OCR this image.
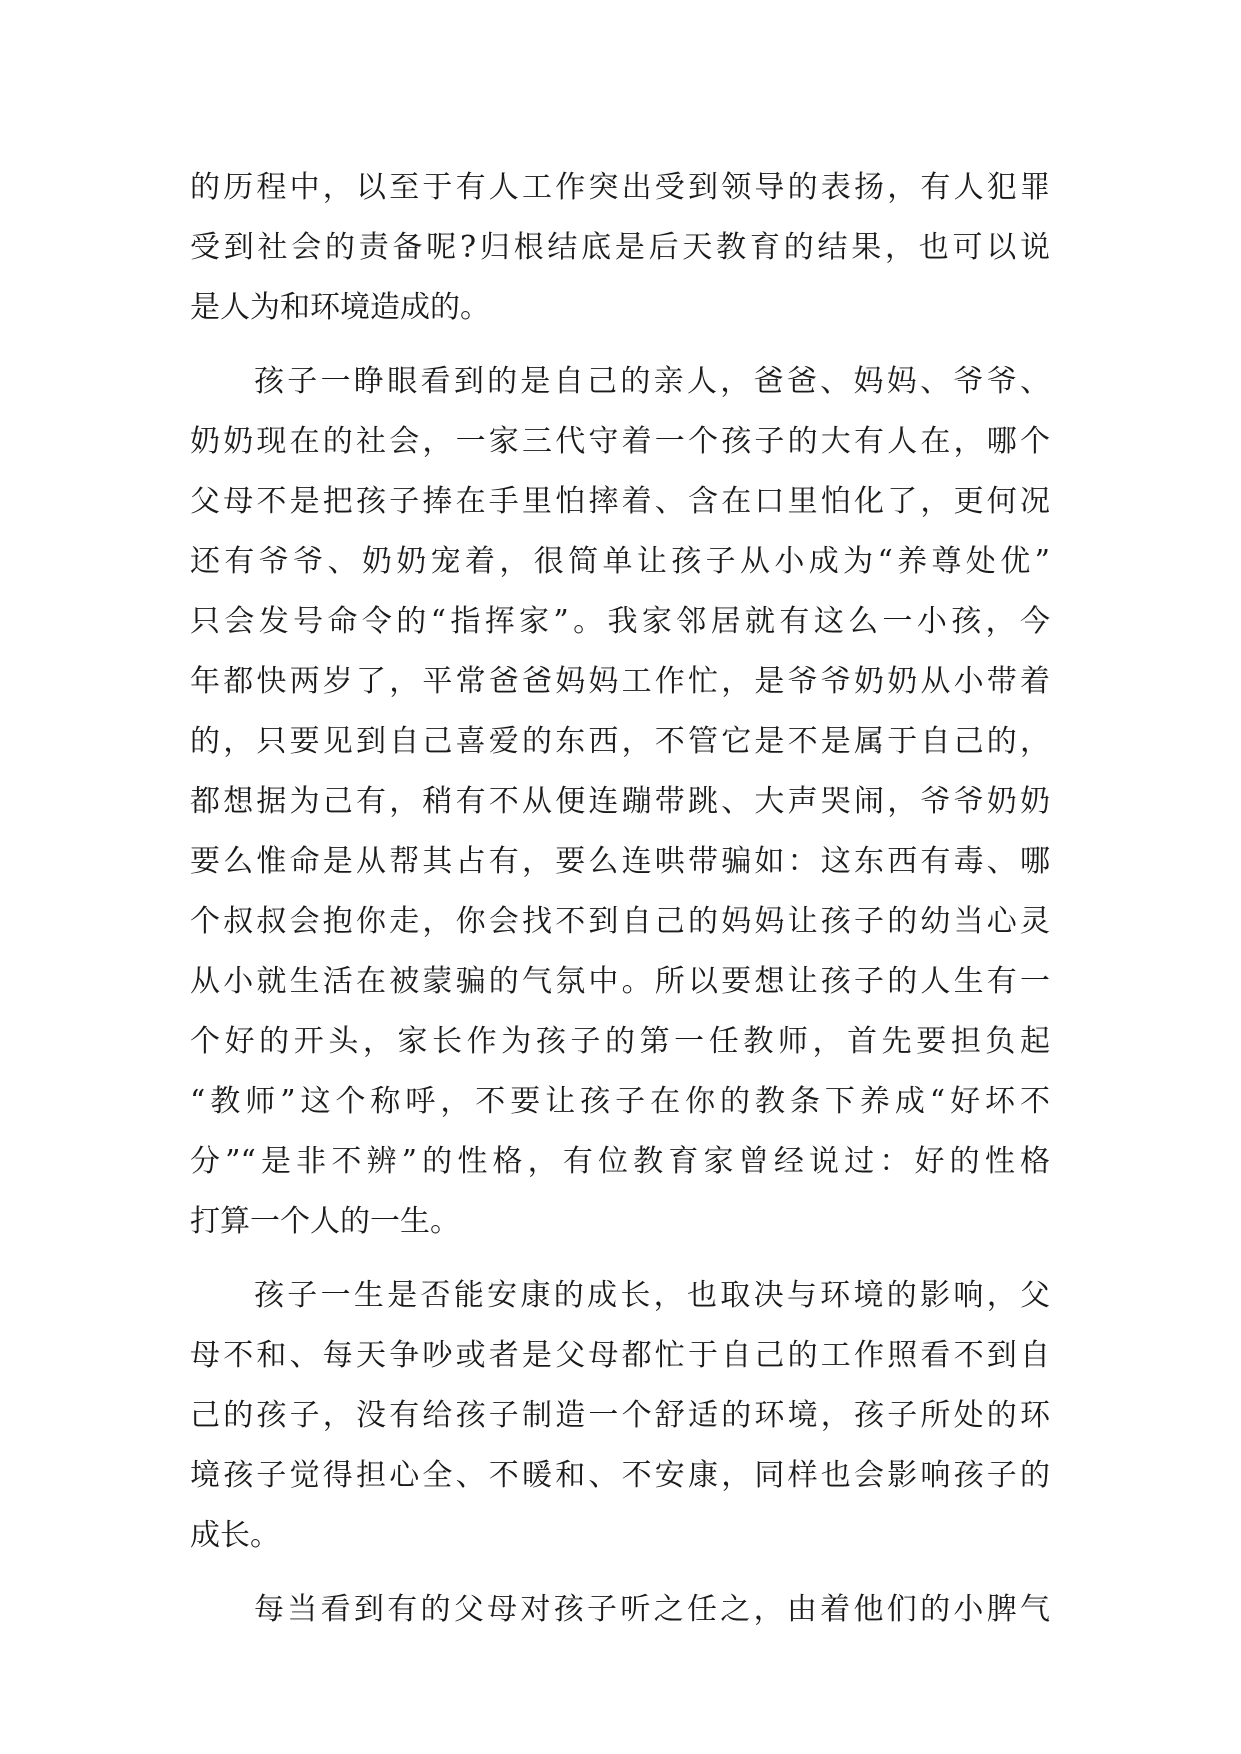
的历程中，以至于有人工作突出受到领导的表扬，有人犯罪
受到社会的责备呢?归根结底是后天教育的结果，也可以说
是人为和环境造成的。
孩子一睁眼看到的是自己的亲人，爸爸、妈妈、爷爷、
奶奶现在的社会，一家三代守着一个孩子的大有人在，哪个
父母不是把孩子捧在手里怕摔着、含在口里怕化了，更何况
还有爷爷、奶奶宠着，很简单让孩子从小成为“养尊处优”
只会发号命令的“指挥家”。我家邻居就有这么一小孩，今
年都快两岁了，平常爸爸妈妈工作忙，是爷爷奶奶从小带着
的，只要见到自己喜爱的东西，不管它是不是属于自己的，
都想据为己有，稍有不从便连蹦带跳、大声哭闹，爷爷奶奶
要么惟命是从帮其占有，要么连哄带骗如：这东西有毒、哪
个叔叔会抱你走，你会找不到自己的妈妈让孩子的幼当心灵
从小就生活在被蒙骗的气氛中。所以要想让孩子的人生有一
个好的开头，家长作为孩子的第一任教师，首先要担负起
“教师”这个称呼，不要让孩子在你的教条下养成“好坏不
分”“是非不辨”的性格，有位教育家曾经说过：好的性格
打算一个人的一生。
孩子一生是否能安康的成长，也取决与环境的影响，父
母不和、每天争吵或者是父母都忙于自己的工作照看不到自
己的孩子，没有给孩子制造一个舒适的环境，孩子所处的环
境孩子觉得担心全、不暖和、不安康，同样也会影响孩子的
成长。
每当看到有的父母对孩子听之任之，由着他们的小脾气
